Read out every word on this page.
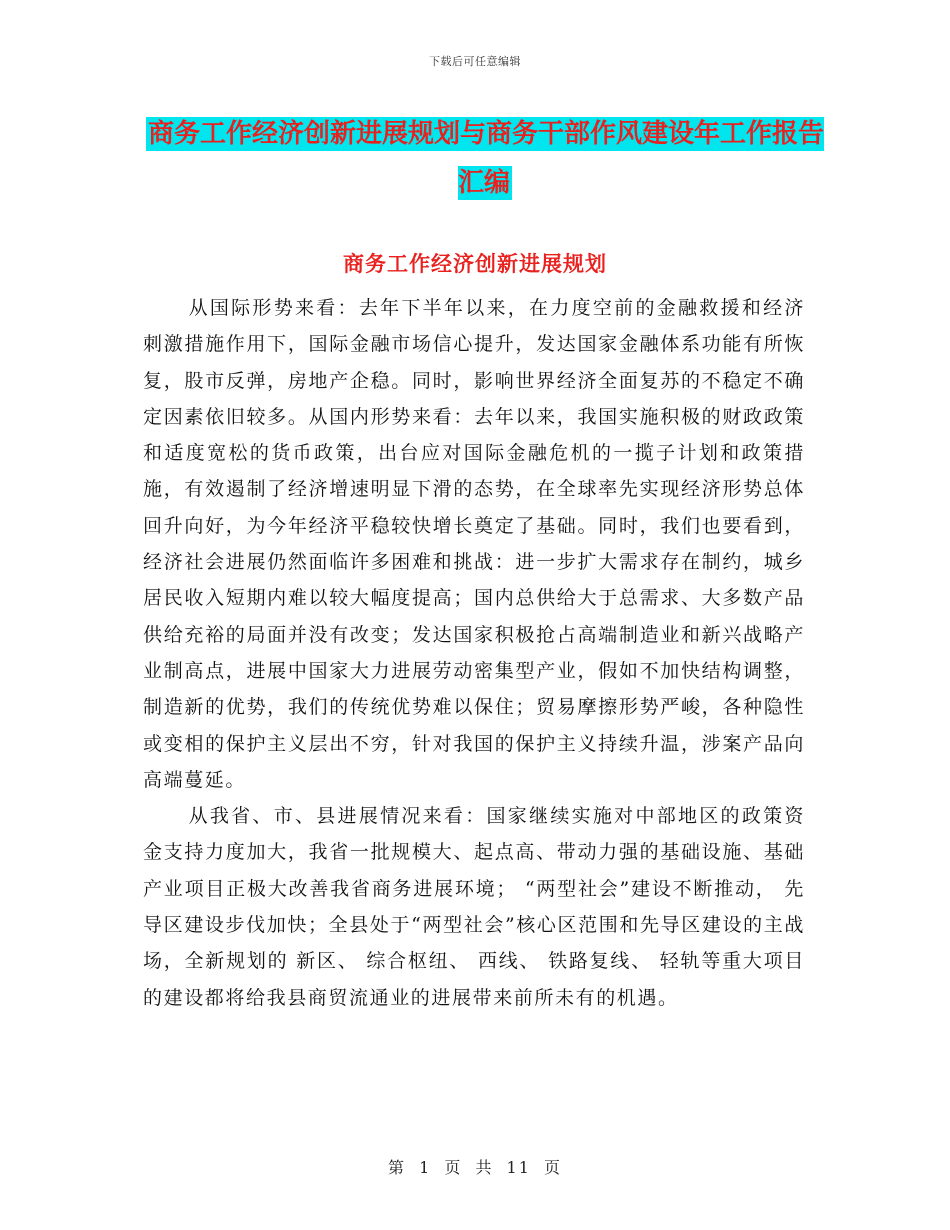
下载后可任意编辑
商务工作经济创新进展规划与商务干部作风建设年工作报告汇编
商务工作经济创新进展规划

从国际形势来看：去年下半年以来，在力度空前的金融救援和经济刺激措施作用下，国际金融市场信心提升，发达国家金融体系功能有所恢复，股市反弹，房地产企稳。同时，影响世界经济全面复苏的不稳定不确定因素依旧较多。从国内形势来看：去年以来，我国实施积极的财政政策和适度宽松的货币政策，出台应对国际金融危机的一揽子计划和政策措施，有效遏制了经济增速明显下滑的态势，在全球率先实现经济形势总体回升向好，为今年经济平稳较快增长奠定了基础。同时，我们也要看到，经济社会进展仍然面临许多困难和挑战：进一步扩大需求存在制约，城乡居民收入短期内难以较大幅度提高；国内总供给大于总需求、大多数产品供给充裕的局面并没有改变；发达国家积极抢占高端制造业和新兴战略产业制高点，进展中国家大力进展劳动密集型产业，假如不加快结构调整，制造新的优势，我们的传统优势难以保住；贸易摩擦形势严峻，各种隐性或变相的保护主义层出不穷，针对我国的保护主义持续升温，涉案产品向高端蔓延。

从我省、市、县进展情况来看：国家继续实施对中部地区的政策资金支持力度加大，我省一批规模大、起点高、带动力强的基础设施、基础产业项目正极大改善我省商务进展环境； “两型社会”建设不断推动， 先导区建设步伐加快；全县处于“两型社会”核心区范围和先导区建设的主战场，全新规划的 新区、 综合枢纽、 西线、 铁路复线、 轻轨等重大项目的建设都将给我县商贸流通业的进展带来前所未有的机遇。

第 1 页 共 11 页
